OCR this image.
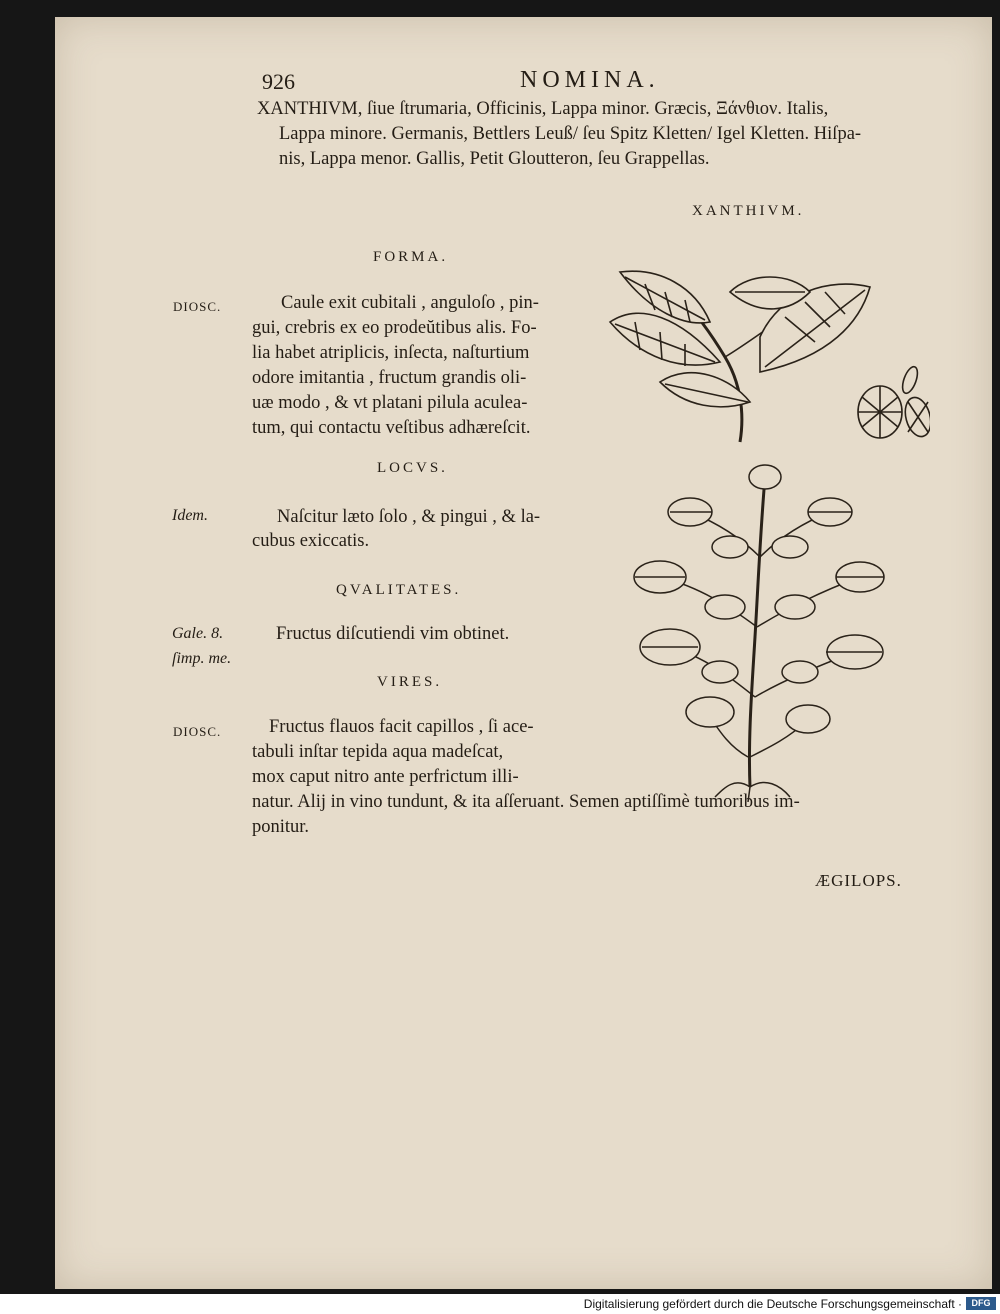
926	NOMINA.
XANTHIVM, ſiue ſtrumaria, Officinis, Lappa minor. Græcis, Ξάνθιον. Italis,
Lappa minore. Germanis, Bettlers Leuß/ ſeu Spitz Kletten/ Igel Kletten. Hiſpa-
nis, Lappa menor. Gallis, Petit Gloutteron, ſeu Grappellas.
XANTHIVM.
FORMA.
DIOSC.	Caule exit cubitali , anguloſo , pin-
gui, crebris ex eo prodeŭtibus alis. Fo-
lia habet atriplicis, inſecta, naſturtium
odore imitantia , fructum grandis oli-
uæ modo , & vt platani pilula aculea-
tum, qui contactu veſtibus adhæreſcit.
LOCVS.
Idem.	Naſcitur læto ſolo , & pingui , & la-
cubus exiccatis.
QVALITATES.
Gale. 8.
ſimp. me.
Fructus diſcutiendi vim obtinet.
VIRES.
DIOSC.	Fructus flauos facit capillos , ſi ace-
tabuli inſtar tepida aqua madeſcat,
mox caput nitro ante perfrictum illi-
natur. Alij in vino tundunt, & ita aſſeruant. Semen aptiſſimè tumoribus im-
ponitur.
ÆGILOPS.
Digitalisierung gefördert durch die Deutsche Forschungsgemeinschaft ·	DFG
